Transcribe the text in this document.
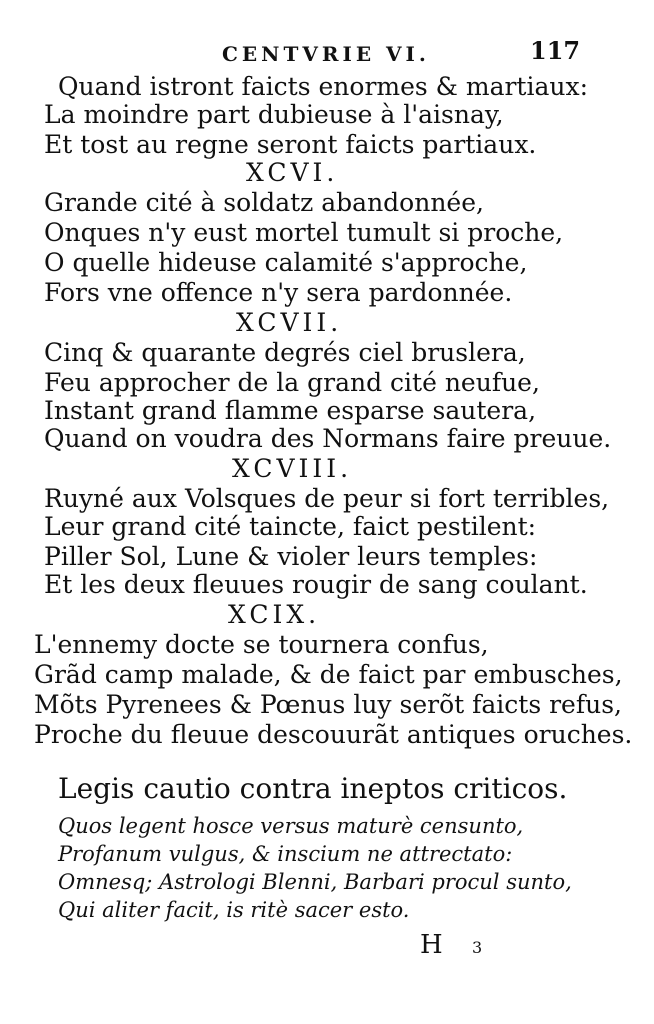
CENTVRIE VI.	117
Quand istront faicts enormes & martiaux:
La moindre part dubieuse à l'aisnay,
Et tost au regne seront faicts partiaux.
XCVI.
Grande cité à soldatz abandonnée,
Onques n'y eust mortel tumult si proche,
O quelle hideuse calamité s'approche,
Fors vne offence n'y sera pardonnée.
XCVII.
Cinq & quarante degrés ciel bruslera,
Feu approcher de la grand cité neufue,
Instant grand flamme esparse sautera,
Quand on voudra des Normans faire preuue.
XCVIII.
Ruyné aux Volsques de peur si fort terribles,
Leur grand cité taincte, faict pestilent:
Piller Sol, Lune & violer leurs temples:
Et les deux fleuues rougir de sang coulant.
XCIX.
L'ennemy docte se tournera confus,
Grãd camp malade, & de faict par embusches,
Mõts Pyrenees & Pœnus luy serõt faicts refus,
Proche du fleuue descouurãt antiques oruches.
Legis cautio contra ineptos criticos.
Quos legent hosce versus maturè censunto,
Profanum vulgus, & inscium ne attrectato:
Omnesq; Astrologi Blenni, Barbari procul sunto,
Qui aliter facit, is ritè sacer esto.
H 3
